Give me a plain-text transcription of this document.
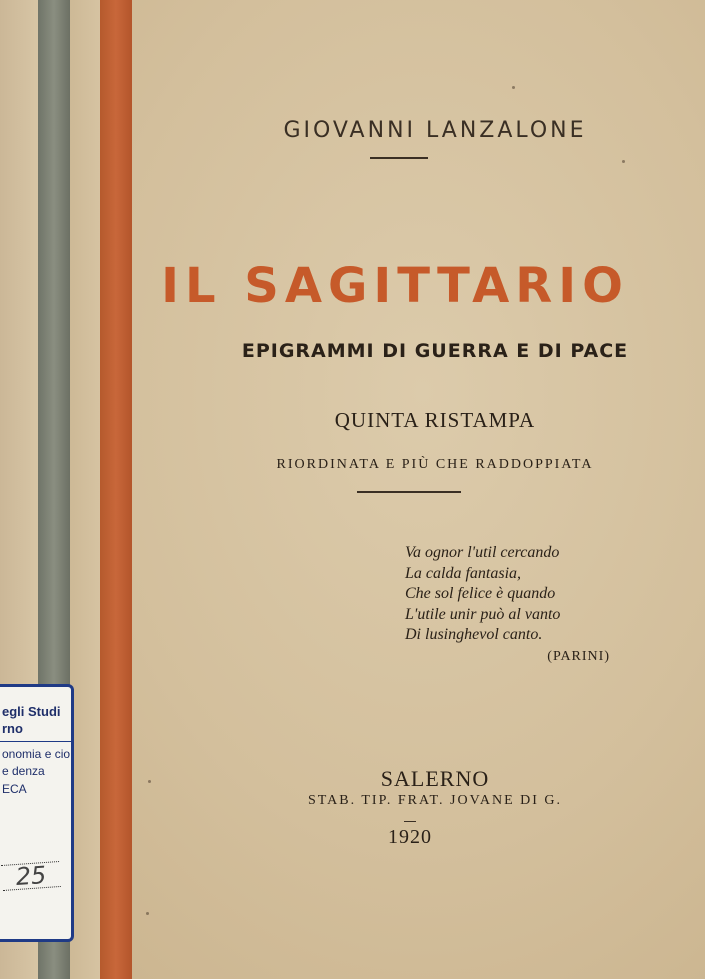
GIOVANNI LANZALONE
IL SAGITTARIO
EPIGRAMMI DI GUERRA E DI PACE
QUINTA RISTAMPA
RIORDINATA E PIÙ CHE RADDOPPIATA
Va ognor l'util cercando
La calda fantasia,
Che sol felice è quando
L'utile unir può al vanto
Di lusinghevol canto.
(PARINI)
SALERNO
STAB. TIP. FRAT. JOVANE DI G.
1920
egli Studi rno
onomia e cio e denza
ECA
25
